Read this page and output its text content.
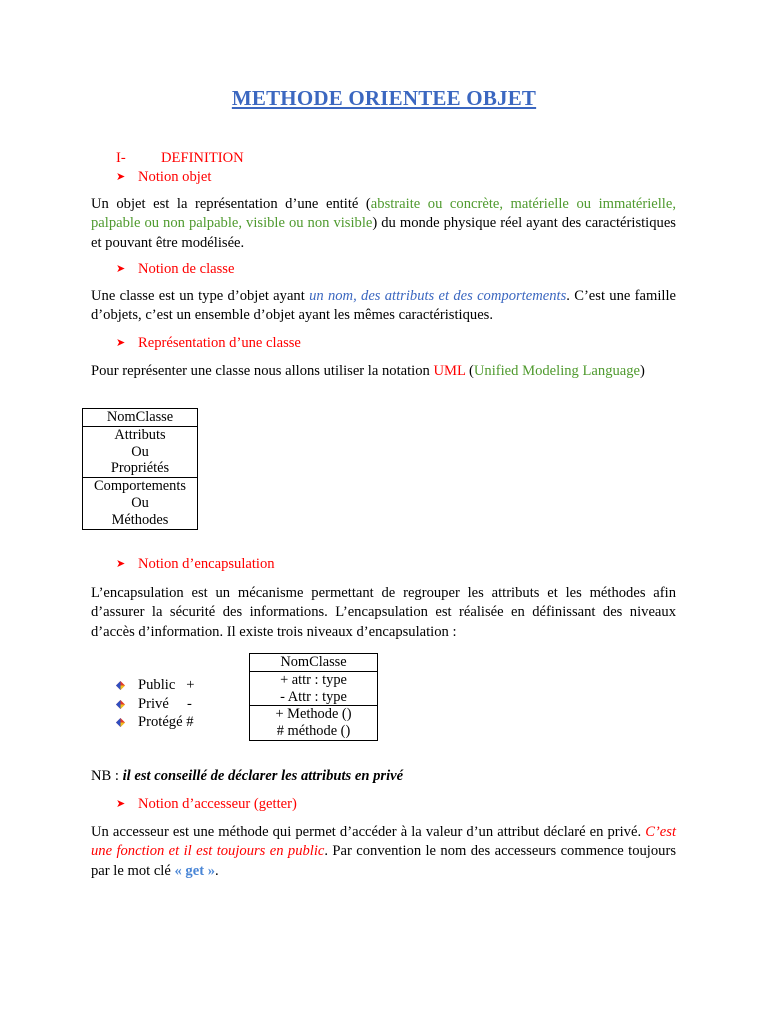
METHODE ORIENTEE OBJET
I- DEFINITION
➤ Notion objet

Un objet est la représentation d’une entité (abstraite ou concrète, matérielle ou immatérielle, palpable ou non palpable, visible ou non visible) du monde physique réel ayant des caractéristiques et pouvant être modélisée.

➤ Notion de classe

Une classe est un type d’objet ayant un nom, des attributs et des comportements. C’est une famille d’objets, c’est un ensemble d’objet ayant les mêmes caractéristiques.

➤ Représentation d’une classe

Pour représenter une classe nous allons utiliser la notation UML (Unified Modeling Language)

NomClasse
Attributs
Ou
Propriétés
Comportements
Ou
Méthodes
➤ Notion d’encapsulation

L’encapsulation est un mécanisme permettant de regrouper les attributs et les méthodes afin d’assurer la sécurité des informations. L’encapsulation est réalisée en définissant des niveaux d’accès d’information. Il existe trois niveaux d’encapsulation :

Public   +
Privé     -
Protégé #
NomClasse
+ attr : type
- Attr : type
+ Methode ()
# méthode ()
NB : il est conseillé de déclarer les attributs en privé
➤ Notion d’accesseur (getter)

Un accesseur est une méthode qui permet d’accéder à la valeur d’un attribut déclaré en privé. C’est une fonction et il est toujours en public. Par convention le nom des accesseurs commence toujours par le mot clé « get ».
